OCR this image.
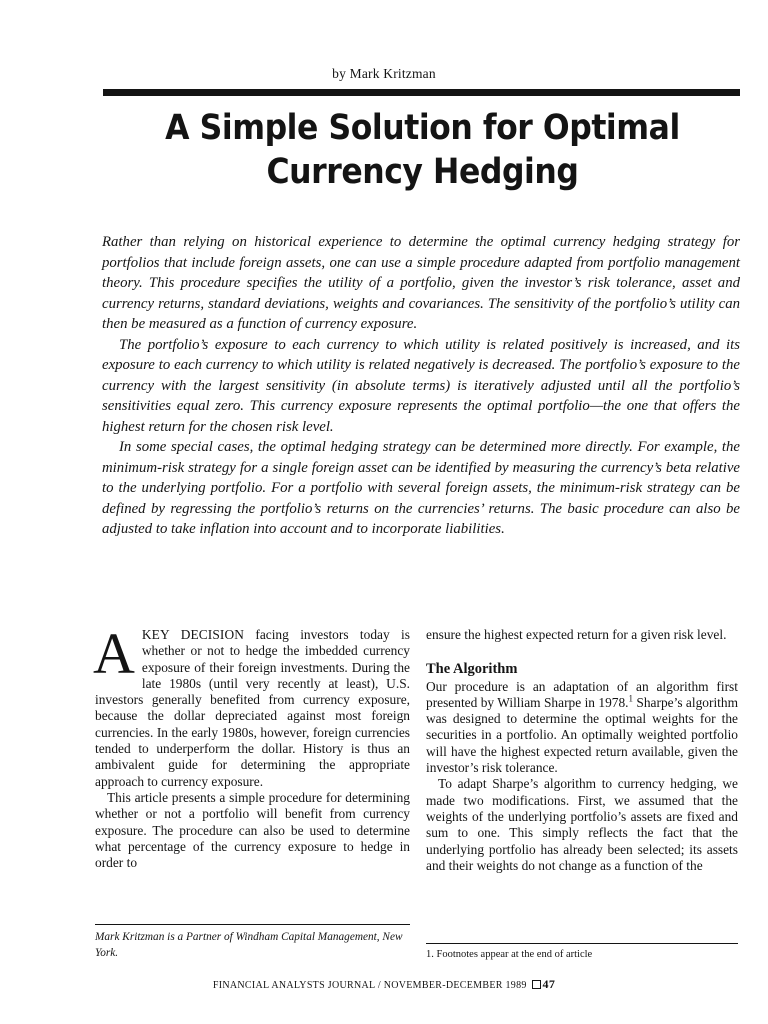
by Mark Kritzman
A Simple Solution for Optimal
Currency Hedging

Rather than relying on historical experience to determine the optimal currency hedging strategy for portfolios that include foreign assets, one can use a simple procedure adapted from portfolio management theory. This procedure specifies the utility of a portfolio, given the investor’s risk tolerance, asset and currency returns, standard deviations, weights and covariances. The sensitivity of the portfolio’s utility can then be measured as a function of currency exposure.

The portfolio’s exposure to each currency to which utility is related positively is increased, and its exposure to each currency to which utility is related negatively is decreased. The portfolio’s exposure to the currency with the largest sensitivity (in absolute terms) is iteratively adjusted until all the portfolio’s sensitivities equal zero. This currency exposure represents the optimal portfolio—the one that offers the highest return for the chosen risk level.

In some special cases, the optimal hedging strategy can be determined more directly. For example, the minimum-risk strategy for a single foreign asset can be identified by measuring the currency’s beta relative to the underlying portfolio. For a portfolio with several foreign assets, the minimum-risk strategy can be defined by regressing the portfolio’s returns on the currencies’ returns. The basic procedure can also be adjusted to take inflation into account and to incorporate liabilities.

AKEY DECISION facing investors today is whether or not to hedge the imbedded currency exposure of their foreign investments. During the late 1980s (until very recently at least), U.S. investors generally benefited from currency exposure, because the dollar depreciated against most foreign currencies. In the early 1980s, however, foreign currencies tended to underperform the dollar. History is thus an ambivalent guide for determining the appropriate approach to currency exposure.

This article presents a simple procedure for determining whether or not a portfolio will benefit from currency exposure. The procedure can also be used to determine what percentage of the currency exposure to hedge in order to

ensure the highest expected return for a given risk level.

The Algorithm

Our procedure is an adaptation of an algorithm first presented by William Sharpe in 1978.$^1$ Sharpe’s algorithm was designed to determine the optimal weights for the securities in a portfolio. An optimally weighted portfolio will have the highest expected return available, given the investor’s risk tolerance.

To adapt Sharpe’s algorithm to currency hedging, we made two modifications. First, we assumed that the weights of the underlying portfolio’s assets are fixed and sum to one. This simply reflects the fact that the underlying portfolio has already been selected; its assets and their weights do not change as a function of the

Mark Kritzman is a Partner of Windham Capital Management, New York.	1. Footnotes appear at the end of article
FINANCIAL ANALYSTS JOURNAL / NOVEMBER-DECEMBER 1989 47
